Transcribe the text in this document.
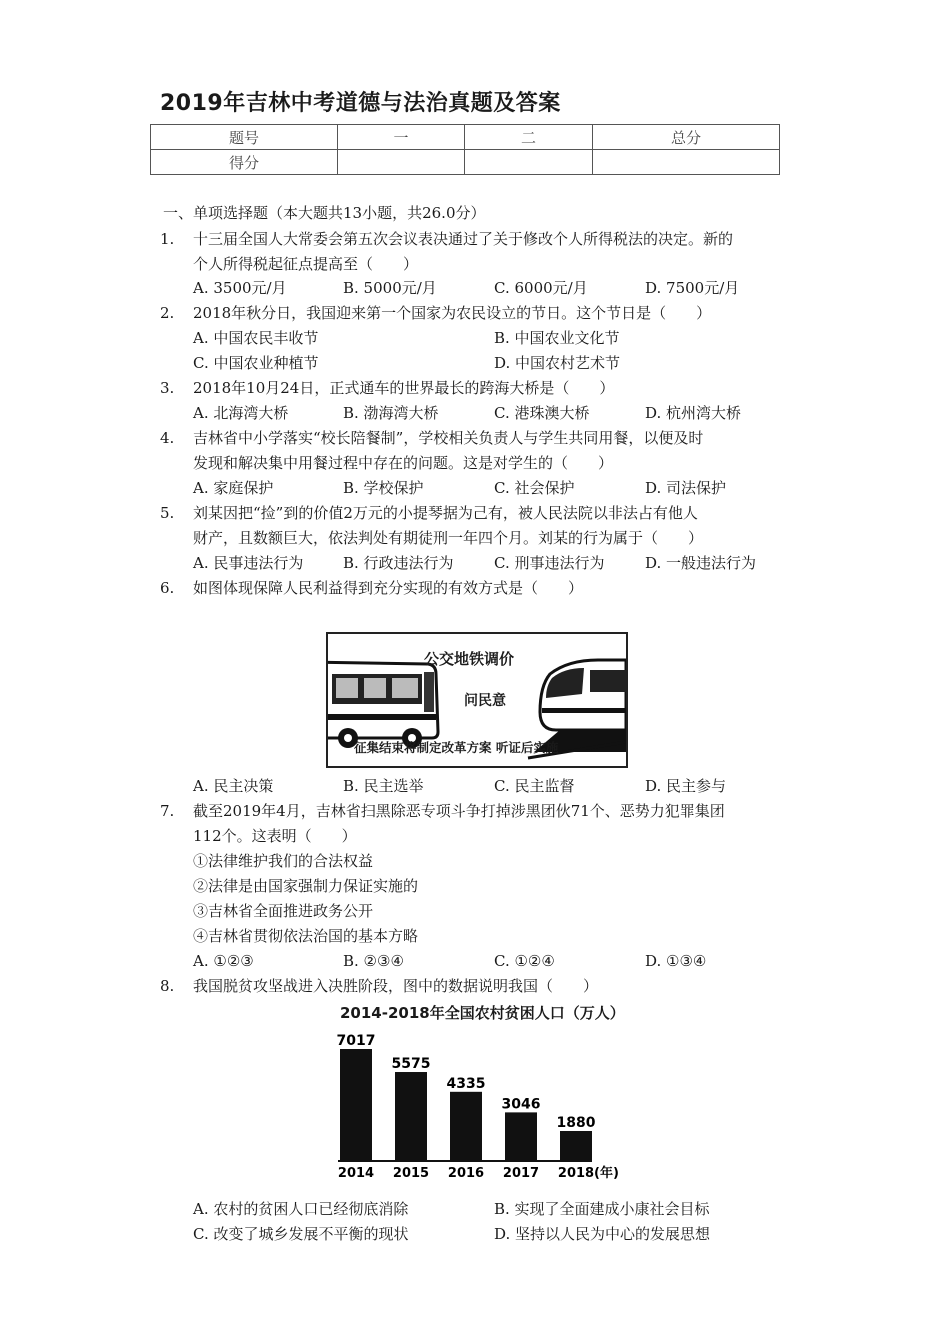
2019年吉林中考道德与法治真题及答案
题号	一	二	总分
得分			
一、单项选择题（本大题共13小题，共26.0分）
1.	十三届全国人大常委会第五次会议表决通过了关于修改个人所得税法的决定。新的
个人所得税起征点提高至（　　）
A. 3500元/月	B. 5000元/月	C. 6000元/月	D. 7500元/月
2.	2018年秋分日，我国迎来第一个国家为农民设立的节日。这个节日是（　　）
A. 中国农民丰收节	B. 中国农业文化节
C. 中国农业种植节	D. 中国农村艺术节
3.	2018年10月24日，正式通车的世界最长的跨海大桥是（　　）
A. 北海湾大桥	B. 渤海湾大桥	C. 港珠澳大桥	D. 杭州湾大桥
4.	吉林省中小学落实“校长陪餐制”，学校相关负责人与学生共同用餐，以便及时
发现和解决集中用餐过程中存在的问题。这是对学生的（　　）
A. 家庭保护	B. 学校保护	C. 社会保护	D. 司法保护
5.	刘某因把“捡”到的价值2万元的小提琴据为己有，被人民法院以非法占有他人
财产，且数额巨大，依法判处有期徒刑一年四个月。刘某的行为属于（　　）
A. 民事违法行为	B. 行政违法行为	C. 刑事违法行为	D. 一般违法行为
6.	如图体现保障人民利益得到充分实现的有效方式是（　　）
公交地铁调价
问民意
征集结束将制定改革方案 听证后实施
A. 民主决策	B. 民主选举	C. 民主监督	D. 民主参与
7.	截至2019年4月，吉林省扫黑除恶专项斗争打掉涉黑团伙71个、恶势力犯罪集团
112个。这表明（　　）
①法律维护我们的合法权益
②法律是由国家强制力保证实施的
③吉林省全面推进政务公开
④吉林省贯彻依法治国的基本方略
A. ①②③	B. ②③④	C. ①②④	D. ①③④
8.	我国脱贫攻坚战进入决胜阶段，图中的数据说明我国（　　）
2014-2018年全国农村贫困人口（万人）
7017
2014
5575
2015
4335
2016
3046
2017
1880
2018 (年)
A. 农村的贫困人口已经彻底消除	B. 实现了全面建成小康社会目标
C. 改变了城乡发展不平衡的现状	D. 坚持以人民为中心的发展思想
